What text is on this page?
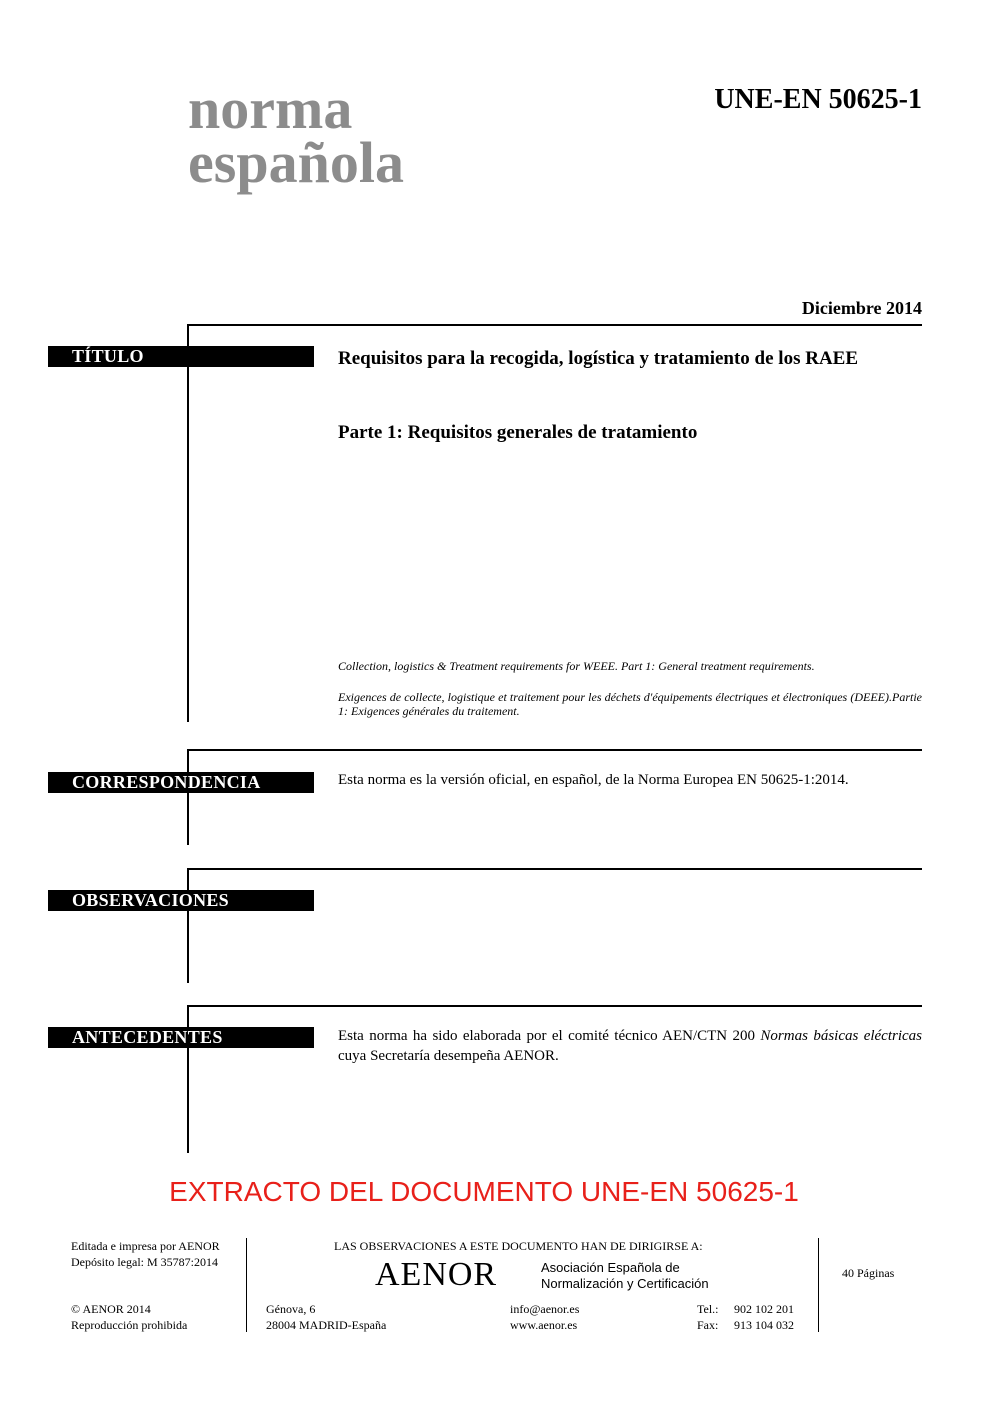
norma
española
UNE-EN 50625-1
Diciembre 2014
TÍTULO	Requisitos para la recogida, logística y tratamiento de los RAEE
Parte 1: Requisitos generales de tratamiento
Collection, logistics & Treatment requirements for WEEE. Part 1: General treatment requirements.
Exigences de collecte, logistique et traitement pour les déchets d'équipements électriques et électroniques (DEEE).Partie 1: Exigences générales du traitement.
CORRESPONDENCIA	Esta norma es la versión oficial, en español, de la Norma Europea EN 50625-1:2014.
OBSERVACIONES
ANTECEDENTES	Esta norma ha sido elaborada por el comité técnico AEN/CTN 200 Normas básicas eléctricas cuya Secretaría desempeña AENOR.
EXTRACTO DEL DOCUMENTO UNE-EN 50625-1
Editada e impresa por AENOR
Depósito legal: M 35787:2014
© AENOR 2014
Reproducción prohibida
LAS OBSERVACIONES A ESTE DOCUMENTO HAN DE DIRIGIRSE A:
AENOR	Asociación Española de
Normalización y Certificación
Génova, 6
28004 MADRID-España
info@aenor.es
www.aenor.es
Tel.: 902 102 201
Fax: 913 104 032
40 Páginas
